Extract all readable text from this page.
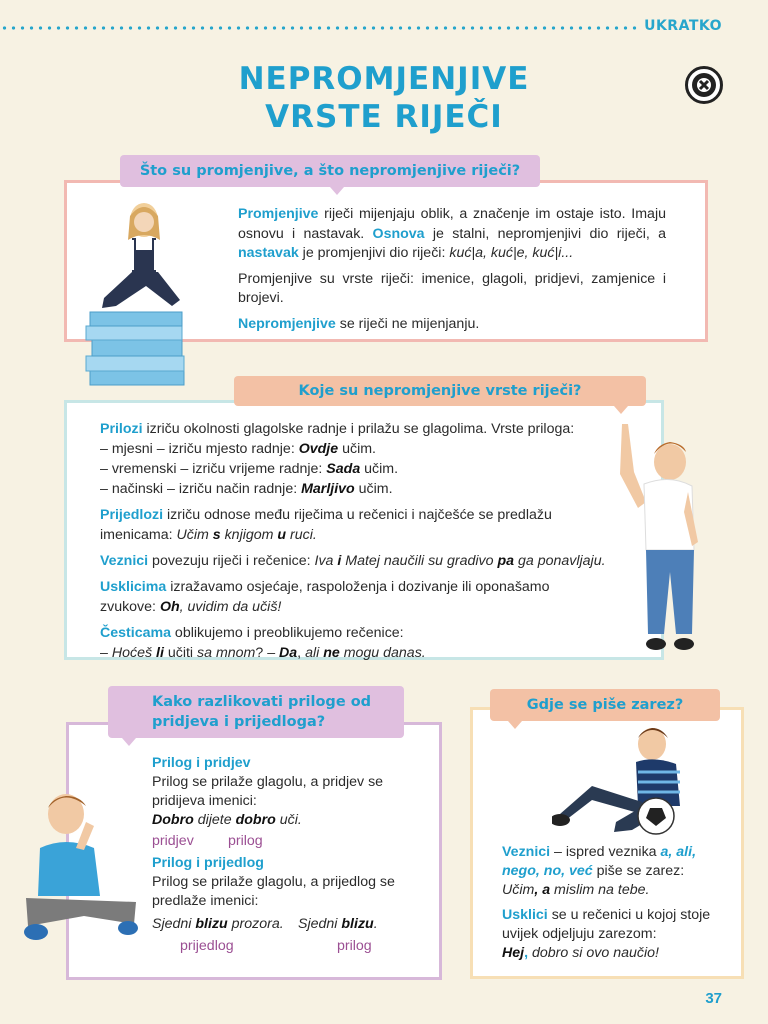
UKRATKO
NEPROMJENJIVE
VRSTE RIJEČI
Što su promjenjive, a što nepromjenjive riječi?

Promjenjive riječi mijenjaju oblik, a značenje im ostaje isto. Imaju osnovu i nastavak. Osnova je stalni, nepromjenjivi dio riječi, a nastavak je promjenjivi dio riječi: kuć|a, kuć|e, kuć|i...

Promjenjive su vrste riječi: imenice, glagoli, pridjevi, zamjenice i brojevi.

Nepromjenjive se riječi ne mijenjanju.

Koje su nepromjenjive vrste riječi?
Prilozi izriču okolnosti glagolske radnje i prilažu se glagolima. Vrste priloga:
– mjesni – izriču mjesto radnje: Ovdje učim.
– vremenski – izriču vrijeme radnje: Sada učim.
– načinski – izriču način radnje: Marljivo učim.
Prijedlozi izriču odnose među riječima u rečenici i najčešće se predlažu imenicama: Učim s knjigom u ruci.
Veznici povezuju riječi i rečenice: Iva i Matej naučili su gradivo pa ga ponavljaju.
Usklicima izražavamo osjećaje, raspoloženja i dozivanje ili oponašamo zvukove: Oh, uvidim da učiš!
Česticama oblikujemo i preoblikujemo rečenice:
– Hoćeš li učiti sa mnom? – Da, ali ne mogu danas.
Kako razlikovati priloge od
pridjeva i prijedloga?
Prilog i pridjev
Prilog se prilaže glagolu, a pridjev se pridijeva imenici:
Dobro dijete dobro uči.
pridjev prilog
Prilog i prijedlog
Prilog se prilaže glagolu, a prijedlog se predlaže imenici:
Sjedni blizu prozora. Sjedni blizu.
prijedlog	prilog
Gdje se piše zarez?
Veznici – ispred veznika a, ali, nego, no, već piše se zarez:
Učim, a mislim na tebe.
Usklici se u rečenici u kojoj stoje uvijek odjeljuju zarezom:
Hej, dobro si ovo naučio!
37
